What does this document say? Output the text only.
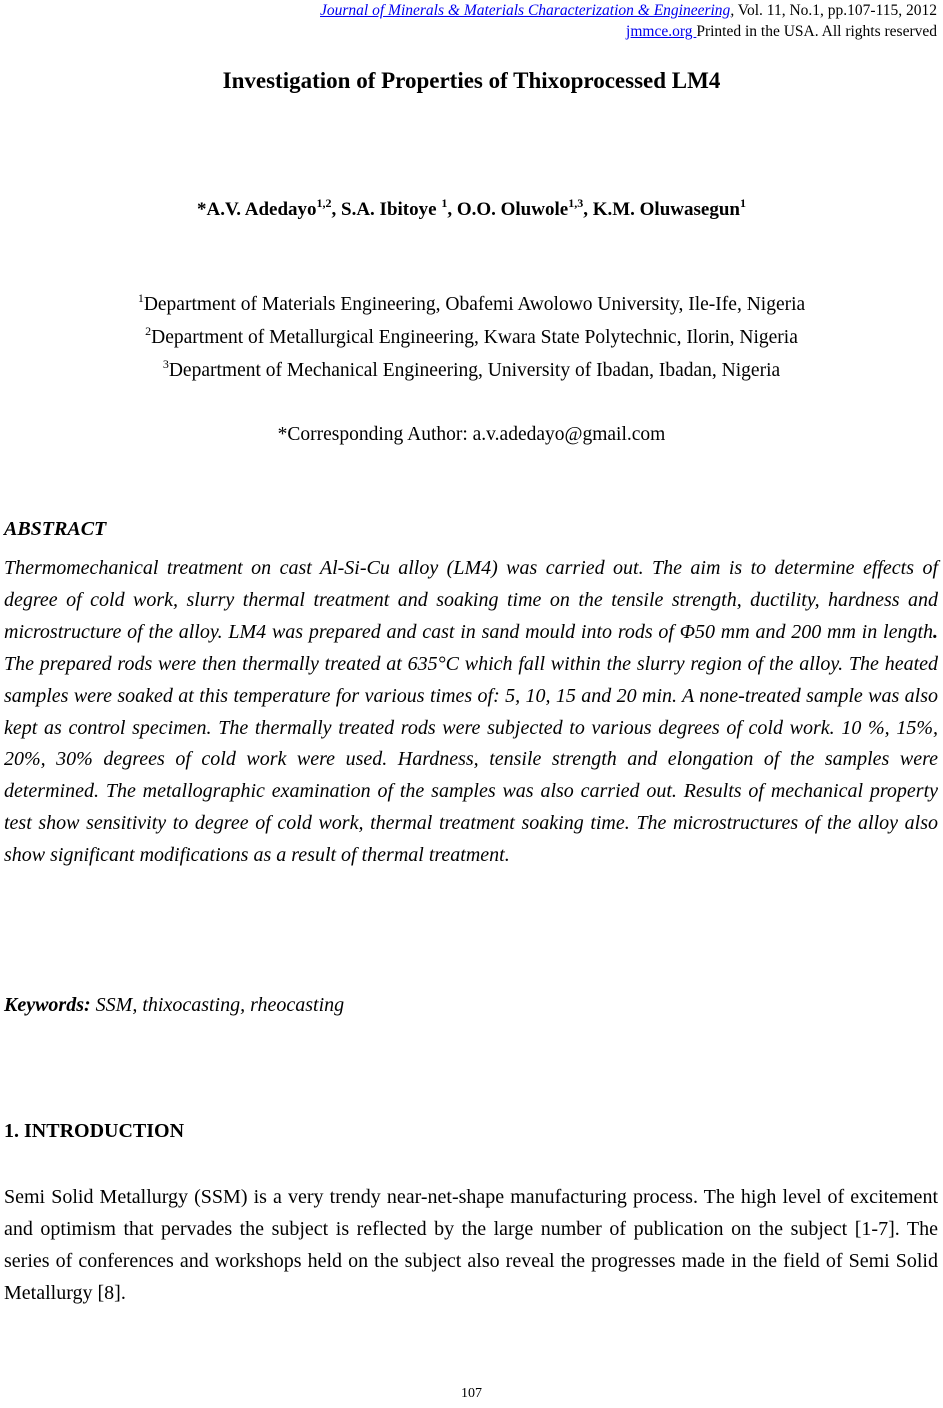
Journal of Minerals & Materials Characterization & Engineering, Vol. 11, No.1, pp.107-115, 2012
jmmce.org Printed in the USA. All rights reserved
Investigation of Properties of Thixoprocessed LM4
*A.V. Adedayo$^{1,2}$, S.A. Ibitoye $^1$, O.O. Oluwole$^{1,3}$, K.M. Oluwasegun$^1$
$^1$Department of Materials Engineering, Obafemi Awolowo University, Ile-Ife, Nigeria
$^2$Department of Metallurgical Engineering, Kwara State Polytechnic, Ilorin, Nigeria
$^3$Department of Mechanical Engineering, University of Ibadan, Ibadan, Nigeria
*Corresponding Author: a.v.adedayo@gmail.com
ABSTRACT
Thermomechanical treatment on cast Al-Si-Cu alloy (LM4) was carried out. The aim is to determine effects of degree of cold work, slurry thermal treatment and soaking time on the tensile strength, ductility, hardness and microstructure of the alloy. LM4 was prepared and cast in sand mould into rods of Φ50 mm and 200 mm in length. The prepared rods were then thermally treated at 635°C which fall within the slurry region of the alloy. The heated samples were soaked at this temperature for various times of: 5, 10, 15 and 20 min. A none-treated sample was also kept as control specimen. The thermally treated rods were subjected to various degrees of cold work. 10 %, 15%, 20%, 30% degrees of cold work were used. Hardness, tensile strength and elongation of the samples were determined. The metallographic examination of the samples was also carried out. Results of mechanical property test show sensitivity to degree of cold work, thermal treatment soaking time. The microstructures of the alloy also show significant modifications as a result of thermal treatment.
Keywords: SSM, thixocasting, rheocasting
1. INTRODUCTION
Semi Solid Metallurgy (SSM) is a very trendy near-net-shape manufacturing process. The high level of excitement and optimism that pervades the subject is reflected by the large number of publication on the subject [1-7]. The series of conferences and workshops held on the subject also reveal the progresses made in the field of Semi Solid Metallurgy [8].
107
